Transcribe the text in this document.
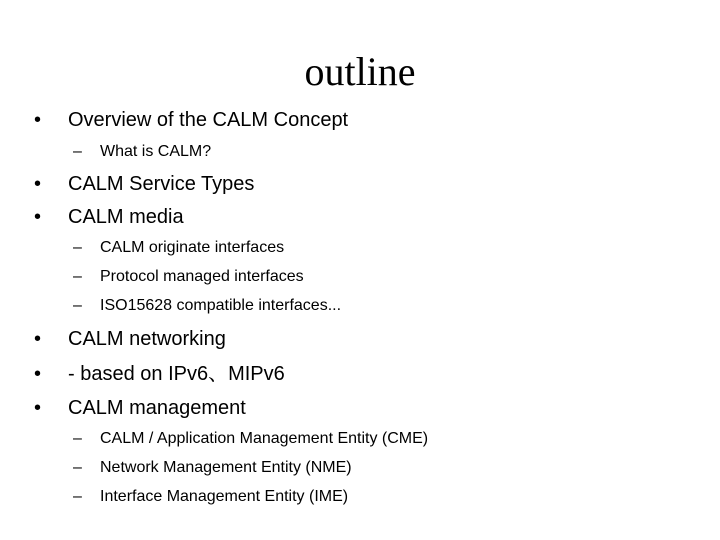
outline
• Overview of the CALM Concept
– What is CALM?
• CALM Service Types
• CALM media
– CALM originate interfaces
– Protocol managed interfaces
– ISO15628 compatible interfaces...
• CALM networking
• - based on IPv6、MIPv6
• CALM management
– CALM / Application Management Entity (CME)
– Network Management Entity (NME)
– Interface Management Entity (IME)
